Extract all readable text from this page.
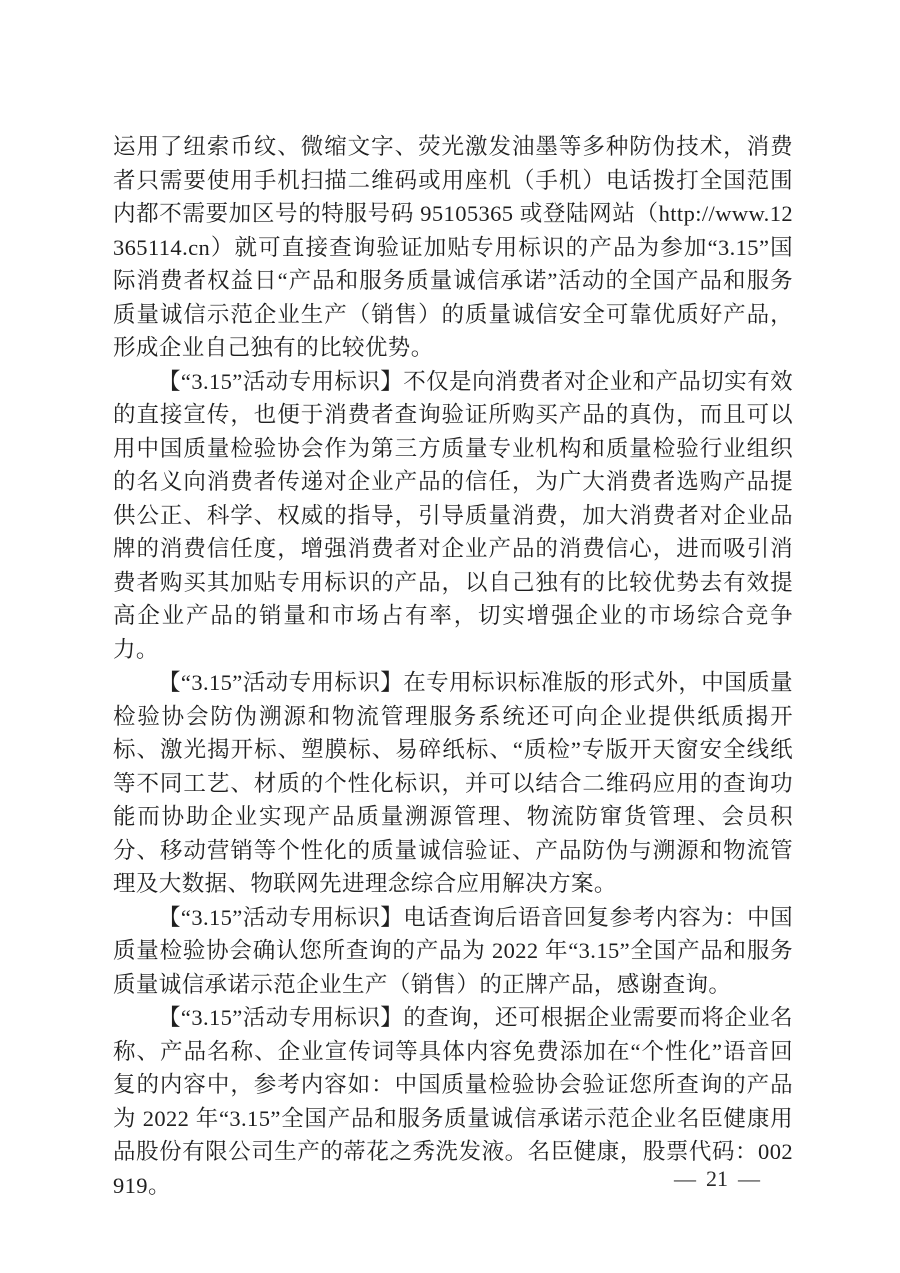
运用了纽索币纹、微缩文字、荧光激发油墨等多种防伪技术，消费者只需要使用手机扫描二维码或用座机（手机）电话拨打全国范围内都不需要加区号的特服号码 95105365 或登陆网站（http://www.12365114.cn）就可直接查询验证加贴专用标识的产品为参加“3.15”国际消费者权益日“产品和服务质量诚信承诺”活动的全国产品和服务质量诚信示范企业生产（销售）的质量诚信安全可靠优质好产品，形成企业自己独有的比较优势。

【“3.15”活动专用标识】不仅是向消费者对企业和产品切实有效的直接宣传，也便于消费者查询验证所购买产品的真伪，而且可以用中国质量检验协会作为第三方质量专业机构和质量检验行业组织的名义向消费者传递对企业产品的信任，为广大消费者选购产品提供公正、科学、权威的指导，引导质量消费，加大消费者对企业品牌的消费信任度，增强消费者对企业产品的消费信心，进而吸引消费者购买其加贴专用标识的产品，以自己独有的比较优势去有效提高企业产品的销量和市场占有率，切实增强企业的市场综合竞争力。

【“3.15”活动专用标识】在专用标识标准版的形式外，中国质量检验协会防伪溯源和物流管理服务系统还可向企业提供纸质揭开标、激光揭开标、塑膜标、易碎纸标、“质检”专版开天窗安全线纸等不同工艺、材质的个性化标识，并可以结合二维码应用的查询功能而协助企业实现产品质量溯源管理、物流防窜货管理、会员积分、移动营销等个性化的质量诚信验证、产品防伪与溯源和物流管理及大数据、物联网先进理念综合应用解决方案。

【“3.15”活动专用标识】电话查询后语音回复参考内容为：中国质量检验协会确认您所查询的产品为 2022 年“3.15”全国产品和服务质量诚信承诺示范企业生产（销售）的正牌产品，感谢查询。

【“3.15”活动专用标识】的查询，还可根据企业需要而将企业名称、产品名称、企业宣传词等具体内容免费添加在“个性化”语音回复的内容中，参考内容如：中国质量检验协会验证您所查询的产品为 2022 年“3.15”全国产品和服务质量诚信承诺示范企业名臣健康用品股份有限公司生产的蒂花之秀洗发液。名臣健康，股票代码：002919。	— 21 —
